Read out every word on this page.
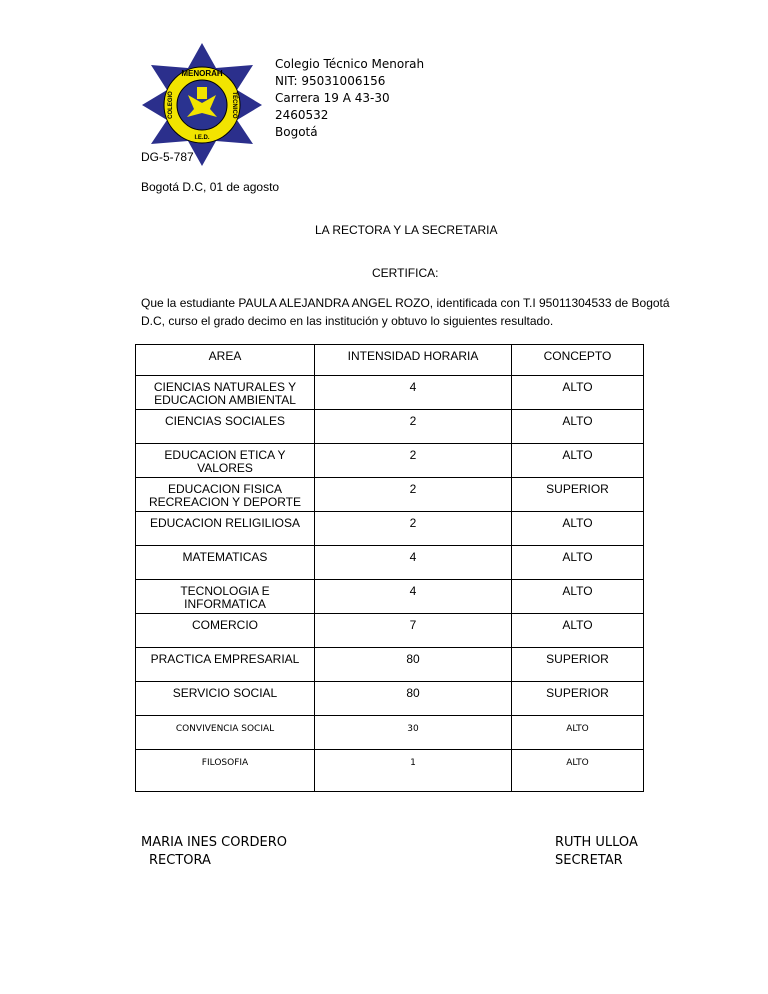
MENORAH
COLEGIO	TÉCNICO
I.E.D.
Colegio Técnico Menorah
NIT: 95031006156
Carrera 19 A 43-30
2460532
Bogotá
DG-5-787
Bogotá D.C, 01 de agosto
LA RECTORA Y LA SECRETARIA
CERTIFICA:
Que la estudiante PAULA ALEJANDRA ANGEL ROZO, identificada con T.I 95011304533 de Bogotá
D.C, curso el grado decimo en las institución y obtuvo lo siguientes resultado.
AREA	INTENSIDAD HORARIA	CONCEPTO
CIENCIAS NATURALES Y EDUCACION AMBIENTAL	4	ALTO
CIENCIAS SOCIALES	2	ALTO
EDUCACION ETICA Y VALORES	2	ALTO
EDUCACION FISICA RECREACION Y DEPORTE	2	SUPERIOR
EDUCACION RELIGILIOSA	2	ALTO
MATEMATICAS	4	ALTO
TECNOLOGIA E INFORMATICA	4	ALTO
COMERCIO	7	ALTO
PRACTICA EMPRESARIAL	80	SUPERIOR
SERVICIO SOCIAL	80	SUPERIOR
CONVIVENCIA SOCIAL	30	ALTO
FILOSOFIA	1	ALTO
MARIA INES CORDERO
RECTORA
RUTH ULLOA
SECRETAR
